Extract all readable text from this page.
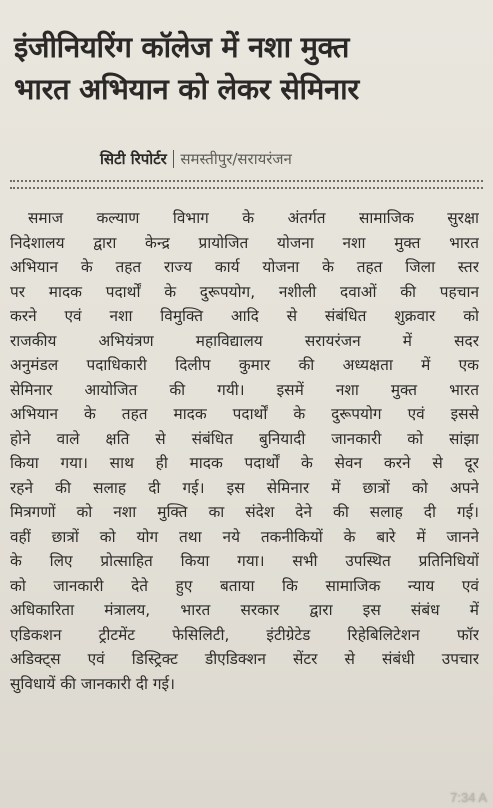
इंजीनियरिंग कॉलेज में नशा मुक्त
भारत अभियान को लेकर सेमिनार
सिटी रिपोर्टर समस्तीपुर/सरायरंजन
समाज कल्याण विभाग के अंतर्गत सामाजिक सुरक्षा
निदेशालय द्वारा केन्द्र प्रायोजित योजना नशा मुक्त भारत
अभियान के तहत राज्य कार्य योजना के तहत जिला स्तर
पर मादक पदार्थों के दुरूपयोग, नशीली दवाओं की पहचान
करने एवं नशा विमुक्ति आदि से संबंधित शुक्रवार को
राजकीय अभियंत्रण महाविद्यालय सरायरंजन में सदर
अनुमंडल पदाधिकारी दिलीप कुमार की अध्यक्षता में एक
सेमिनार आयोजित की गयी। इसमें नशा मुक्त भारत
अभियान के तहत मादक पदार्थों के दुरूपयोग एवं इससे
होने वाले क्षति से संबंधित बुनियादी जानकारी को सांझा
किया गया। साथ ही मादक पदार्थों के सेवन करने से दूर
रहने की सलाह दी गई। इस सेमिनार में छात्रों को अपने
मित्रगणों को नशा मुक्ति का संदेश देने की सलाह दी गई।
वहीं छात्रों को योग तथा नये तकनीकियों के बारे में जानने
के लिए प्रोत्साहित किया गया। सभी उपस्थित प्रतिनिधियों
को जानकारी देते हुए बताया कि सामाजिक न्याय एवं
अधिकारिता मंत्रालय, भारत सरकार द्वारा इस संबंध में
एडिकशन ट्रीटमेंट फेसिलिटी, इंटीग्रेटेड रिहेबिलिटेशन फॉर
अडिक्ट्स एवं डिस्ट्रिक्ट डीएडिक्शन सेंटर से संबंधी उपचार
सुविधायें की जानकारी दी गई।
7:34 A
